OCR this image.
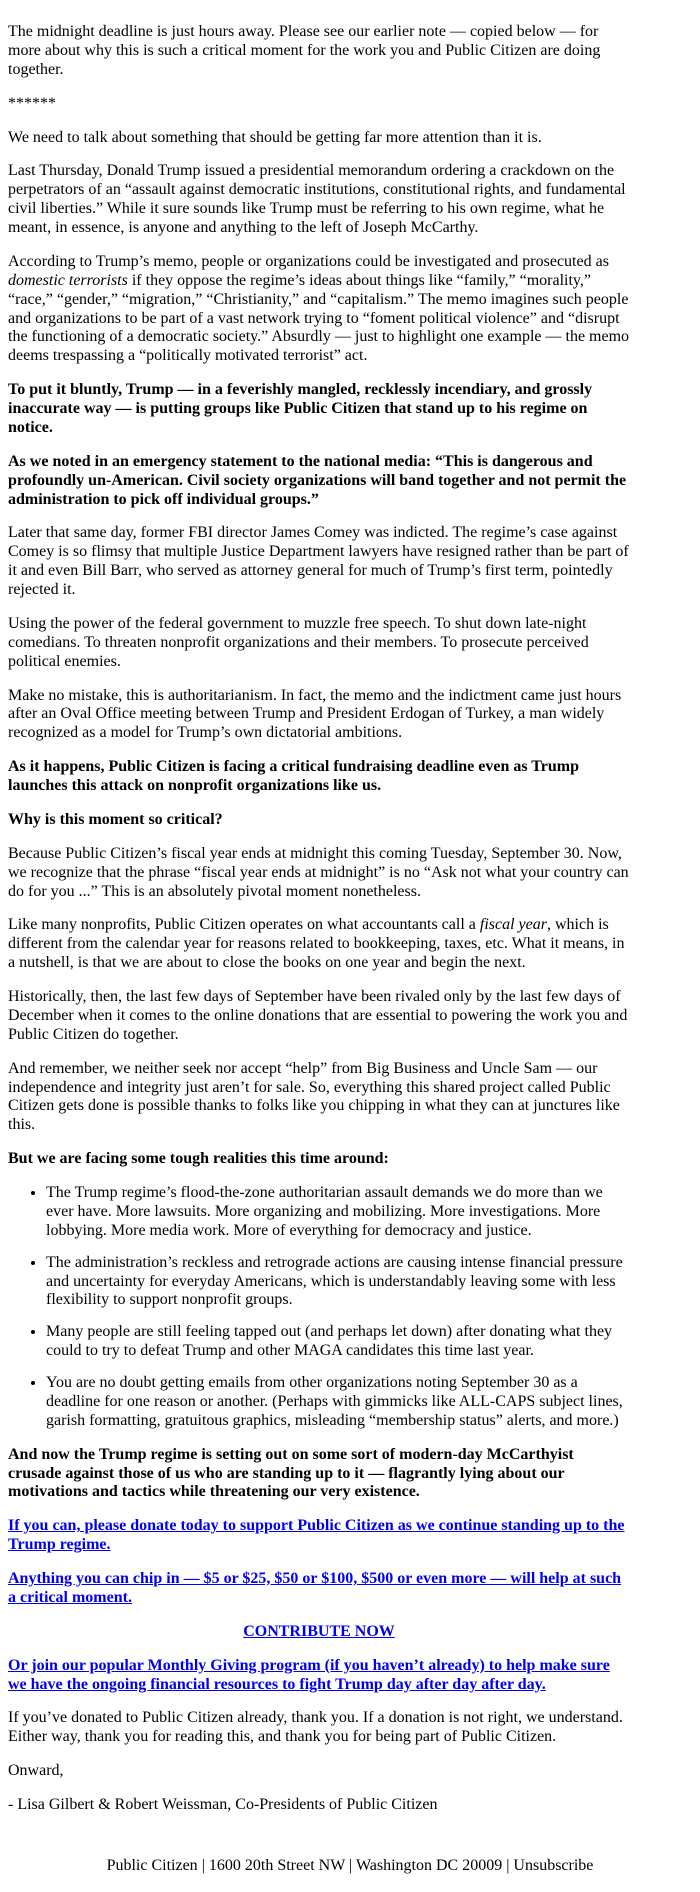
The midnight deadline is just hours away. Please see our earlier note — copied below — for more about why this is such a critical moment for the work you and Public Citizen are doing together.

******

We need to talk about something that should be getting far more attention than it is.

Last Thursday, Donald Trump issued a presidential memorandum ordering a crackdown on the perpetrators of an “assault against democratic institutions, constitutional rights, and fundamental civil liberties.” While it sure sounds like Trump must be referring to his own regime, what he meant, in essence, is anyone and anything to the left of Joseph McCarthy.

According to Trump’s memo, people or organizations could be investigated and prosecuted as domestic terrorists if they oppose the regime’s ideas about things like “family,” “morality,” “race,” “gender,” “migration,” “Christianity,” and “capitalism.” The memo imagines such people and organizations to be part of a vast network trying to “foment political violence” and “disrupt the functioning of a democratic society.” Absurdly — just to highlight one example — the memo deems trespassing a “politically motivated terrorist” act.

To put it bluntly, Trump — in a feverishly mangled, recklessly incendiary, and grossly inaccurate way — is putting groups like Public Citizen that stand up to his regime on notice.

As we noted in an emergency statement to the national media: “This is dangerous and profoundly un-American. Civil society organizations will band together and not permit the administration to pick off individual groups.”

Later that same day, former FBI director James Comey was indicted. The regime’s case against Comey is so flimsy that multiple Justice Department lawyers have resigned rather than be part of it and even Bill Barr, who served as attorney general for much of Trump’s first term, pointedly rejected it.

Using the power of the federal government to muzzle free speech. To shut down late-night comedians. To threaten nonprofit organizations and their members. To prosecute perceived political enemies.

Make no mistake, this is authoritarianism. In fact, the memo and the indictment came just hours after an Oval Office meeting between Trump and President Erdogan of Turkey, a man widely recognized as a model for Trump’s own dictatorial ambitions.

As it happens, Public Citizen is facing a critical fundraising deadline even as Trump launches this attack on nonprofit organizations like us.

Why is this moment so critical?

Because Public Citizen’s fiscal year ends at midnight this coming Tuesday, September 30. Now, we recognize that the phrase “fiscal year ends at midnight” is no “Ask not what your country can do for you ...” This is an absolutely pivotal moment nonetheless.

Like many nonprofits, Public Citizen operates on what accountants call a fiscal year, which is different from the calendar year for reasons related to bookkeeping, taxes, etc. What it means, in a nutshell, is that we are about to close the books on one year and begin the next.

Historically, then, the last few days of September have been rivaled only by the last few days of December when it comes to the online donations that are essential to powering the work you and Public Citizen do together.

And remember, we neither seek nor accept “help” from Big Business and Uncle Sam — our independence and integrity just aren’t for sale. So, everything this shared project called Public Citizen gets done is possible thanks to folks like you chipping in what they can at junctures like this.

But we are facing some tough realities this time around:

• The Trump regime’s flood-the-zone authoritarian assault demands we do more than we ever have. More lawsuits. More organizing and mobilizing. More investigations. More lobbying. More media work. More of everything for democracy and justice.
• The administration’s reckless and retrograde actions are causing intense financial pressure and uncertainty for everyday Americans, which is understandably leaving some with less flexibility to support nonprofit groups.
• Many people are still feeling tapped out (and perhaps let down) after donating what they could to try to defeat Trump and other MAGA candidates this time last year.
• You are no doubt getting emails from other organizations noting September 30 as a deadline for one reason or another. (Perhaps with gimmicks like ALL-CAPS subject lines, garish formatting, gratuitous graphics, misleading “membership status” alerts, and more.)

And now the Trump regime is setting out on some sort of modern-day McCarthyist crusade against those of us who are standing up to it — flagrantly lying about our motivations and tactics while threatening our very existence.

If you can, please donate today to support Public Citizen as we continue standing up to the Trump regime.

Anything you can chip in — $5 or $25, $50 or $100, $500 or even more — will help at such a critical moment.

CONTRIBUTE NOW

Or join our popular Monthly Giving program (if you haven’t already) to help make sure we have the ongoing financial resources to fight Trump day after day after day.

If you’ve donated to Public Citizen already, thank you. If a donation is not right, we understand. Either way, thank you for reading this, and thank you for being part of Public Citizen.

Onward,

- Lisa Gilbert & Robert Weissman, Co-Presidents of Public Citizen

Public Citizen | 1600 20th Street NW | Washington DC 20009 | Unsubscribe
